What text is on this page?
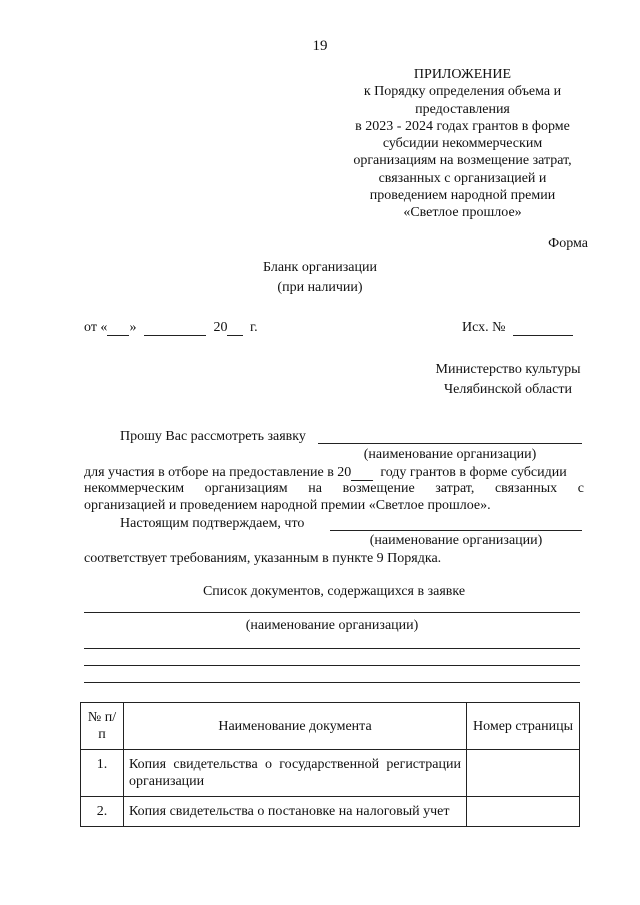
19
ПРИЛОЖЕНИЕ
к Порядку определения объема и
предоставления
в 2023 - 2024 годах грантов в форме
субсидии некоммерческим
организациям на возмещение затрат,
связанных с организацией и
проведением народной премии
«Светлое прошлое»
Форма
Бланк организации
(при наличии)
от « »	20 г.	Исх. №
Министерство культуры
Челябинской области
Прошу Вас рассмотреть заявку
(наименование организации)
для участия в отборе на предоставление в 20 году грантов в форме субсидии
некоммерческим организациям на возмещение затрат, связанных с
организацией и проведением народной премии «Светлое прошлое».
Настоящим подтверждаем, что
(наименование организации)
соответствует требованиям, указанным в пункте 9 Порядка.
Список документов, содержащихся в заявке
(наименование организации)
№ п/п	Наименование документа	Номер страницы
1.	Копия свидетельства о государственной регистрации организации	
2.	Копия свидетельства о постановке на налоговый учет	
